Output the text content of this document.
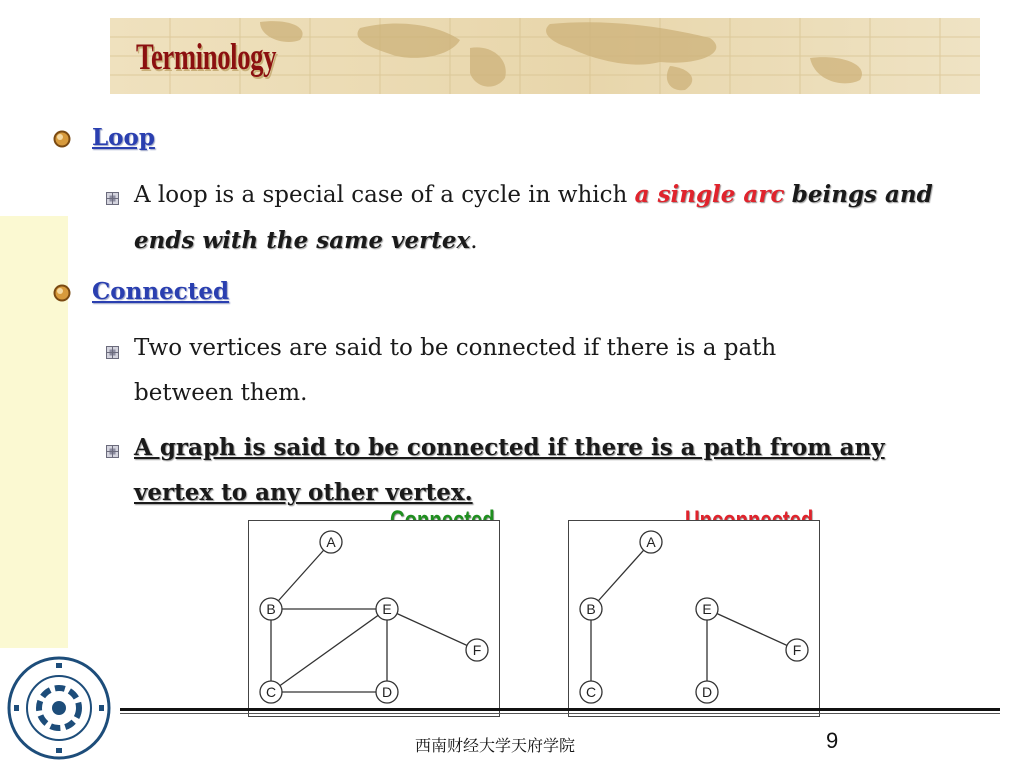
Terminology
Loop
A loop is a special case of a cycle in which a single arc beings and ends with the same vertex.
Connected
Two vertices are said to be connected if there is a path between them.
A graph is said to be connected if there is a path from any vertex to any other vertex.
A
B
C	D
E
F
A
B
C	D
E
F
西南财经大学天府学院	9
